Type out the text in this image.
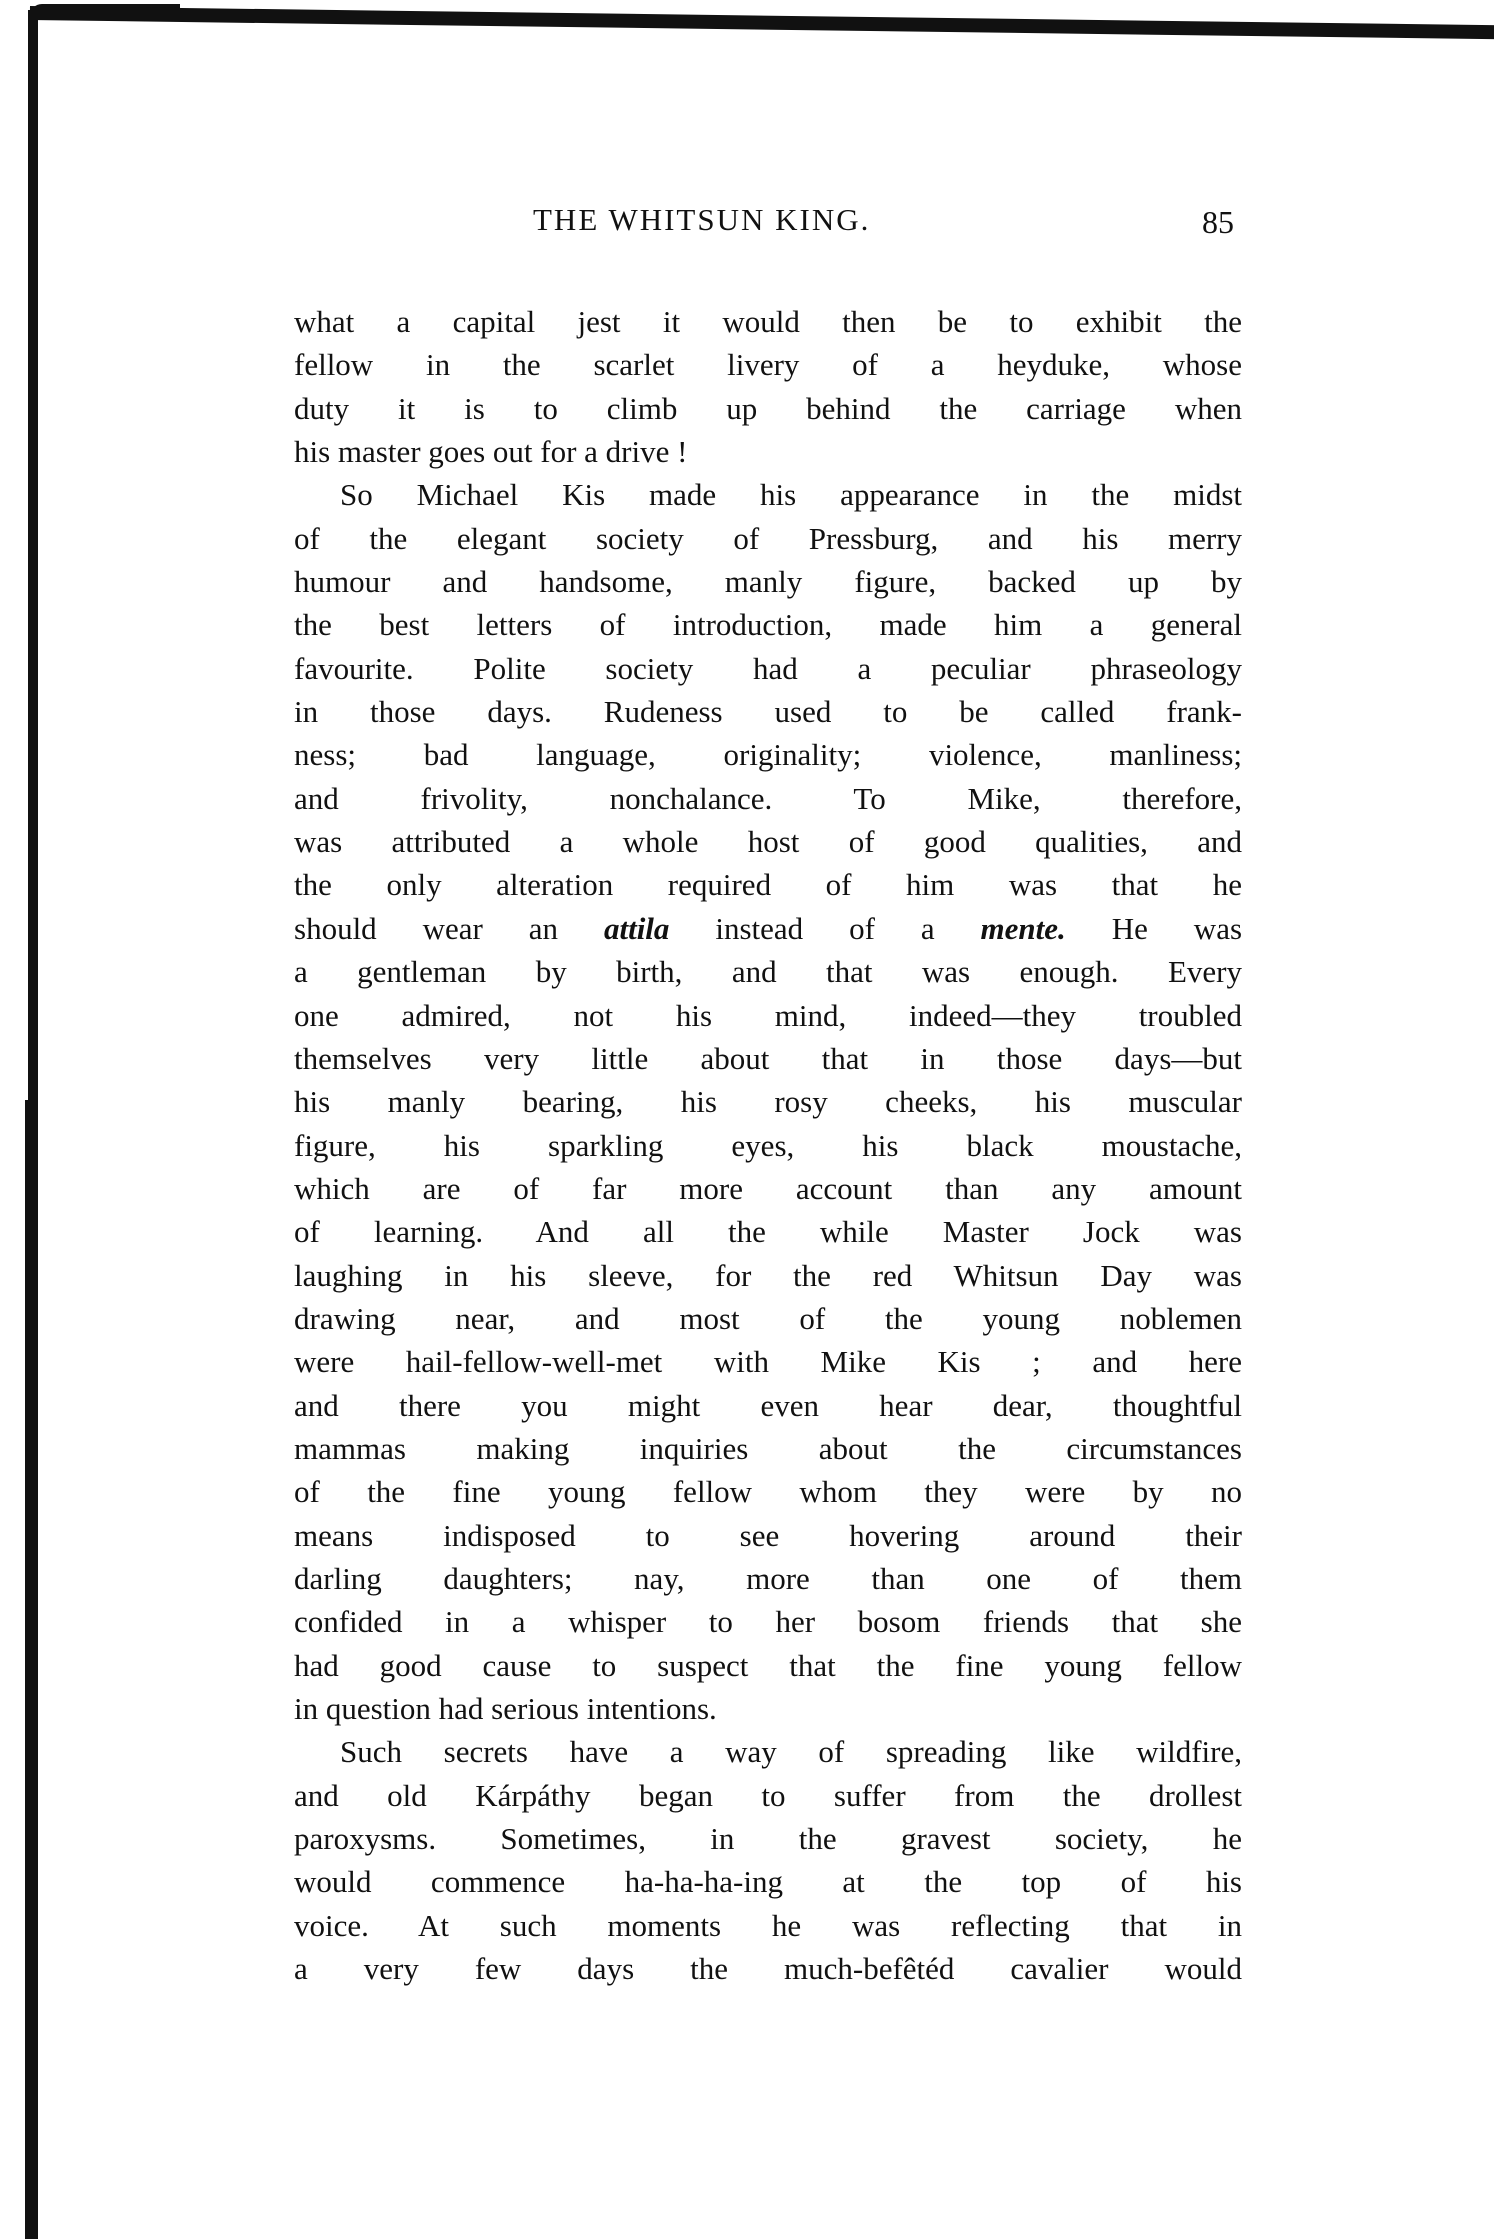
THE WHITSUN KING.	85
what a capital jest it would then be to exhibit the
fellow in the scarlet livery of a heyduke, whose
duty it is to climb up behind the carriage when
his master goes out for a drive !
So Michael Kis made his appearance in the midst
of the elegant society of Pressburg, and his merry
humour and handsome, manly figure, backed up by
the best letters of introduction, made him a general
favourite. Polite society had a peculiar phraseology
in those days. Rudeness used to be called frank-
ness; bad language, originality; violence, manliness;
and frivolity, nonchalance. To Mike, therefore,
was attributed a whole host of good qualities, and
the only alteration required of him was that he
should wear an attila instead of a mente. He was
a gentleman by birth, and that was enough. Every
one admired, not his mind, indeed—they troubled
themselves very little about that in those days—but
his manly bearing, his rosy cheeks, his muscular
figure, his sparkling eyes, his black moustache,
which are of far more account than any amount
of learning. And all the while Master Jock was
laughing in his sleeve, for the red Whitsun Day was
drawing near, and most of the young noblemen
were hail-fellow-well-met with Mike Kis ; and here
and there you might even hear dear, thoughtful
mammas making inquiries about the circumstances
of the fine young fellow whom they were by no
means indisposed to see hovering around their
darling daughters; nay, more than one of them
confided in a whisper to her bosom friends that she
had good cause to suspect that the fine young fellow
in question had serious intentions.
Such secrets have a way of spreading like wildfire,
and old Kárpáthy began to suffer from the drollest
paroxysms. Sometimes, in the gravest society, he
would commence ha-ha-ha-ing at the top of his
voice. At such moments he was reflecting that in
a very few days the much-befêtéd cavalier would
